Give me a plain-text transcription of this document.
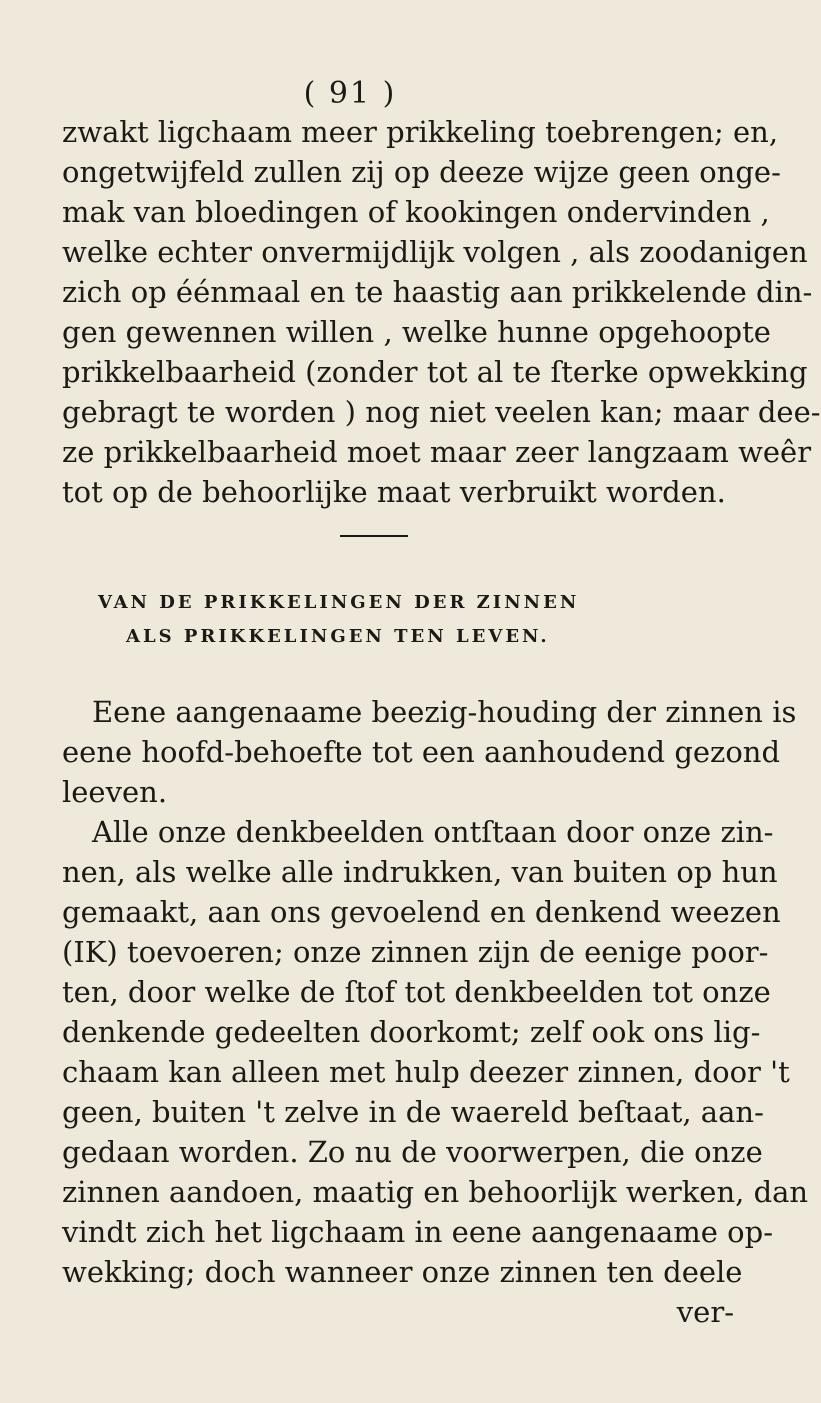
( 91 )
zwakt ligchaam meer prikkeling toebrengen; en,
ongetwijfeld zullen zij op deeze wijze geen onge-
mak van bloedingen of kookingen ondervinden ,
welke echter onvermijdlijk volgen , als zoodanigen
zich op éénmaal en te haastig aan prikkelende din-
gen gewennen willen , welke hunne opgehoopte
prikkelbaarheid (zonder tot al te ſterke opwekking
gebragt te worden ) nog niet veelen kan; maar dee-
ze prikkelbaarheid moet maar zeer langzaam weêr
tot op de behoorlijke maat verbruikt worden.
VAN DE PRIKKELINGEN DER ZINNEN
ALS PRIKKELINGEN TEN LEVEN.
Eene aangenaame beezig-houding der zinnen is
eene hoofd-behoefte tot een aanhoudend gezond
leeven.
Alle onze denkbeelden ontſtaan door onze zin-
nen, als welke alle indrukken, van buiten op hun
gemaakt, aan ons gevoelend en denkend weezen
(IK) toevoeren; onze zinnen zijn de eenige poor-
ten, door welke de ſtof tot denkbeelden tot onze
denkende gedeelten doorkomt; zelf ook ons lig-
chaam kan alleen met hulp deezer zinnen, door 't
geen, buiten 't zelve in de waereld beſtaat, aan-
gedaan worden. Zo nu de voorwerpen, die onze
zinnen aandoen, maatig en behoorlijk werken, dan
vindt zich het ligchaam in eene aangenaame op-
wekking; doch wanneer onze zinnen ten deele
ver-
